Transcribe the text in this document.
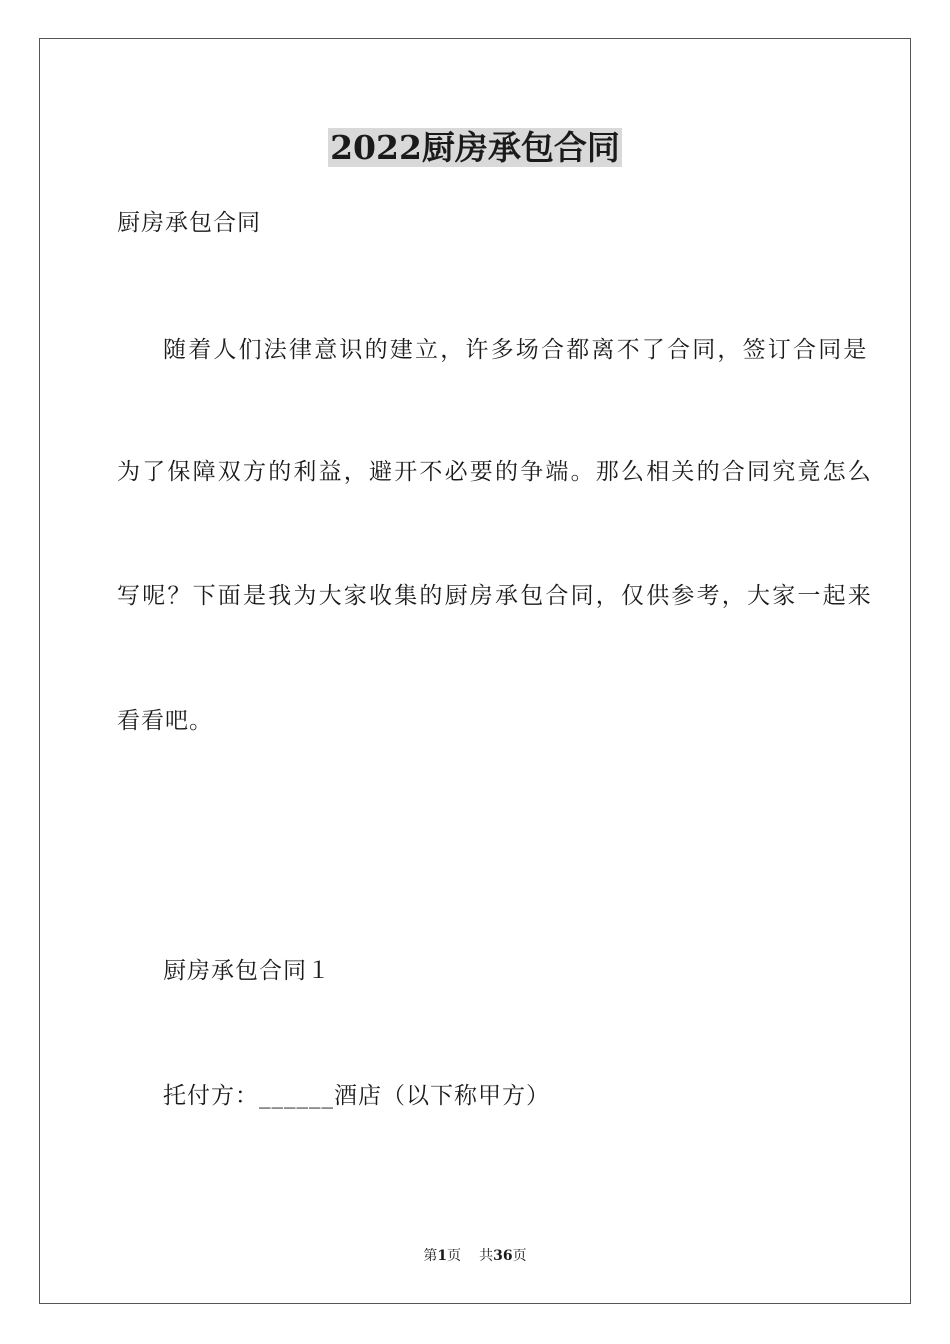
2022厨房承包合同
厨房承包合同
随着人们法律意识的建立，许多场合都离不了合同，签订合同是
为了保障双方的利益，避开不必要的争端。那么相关的合同究竟怎么
写呢？下面是我为大家收集的厨房承包合同，仅供参考，大家一起来
看看吧。
厨房承包合同１
托付方：______酒店（以下称甲方）
第1页 共36页
